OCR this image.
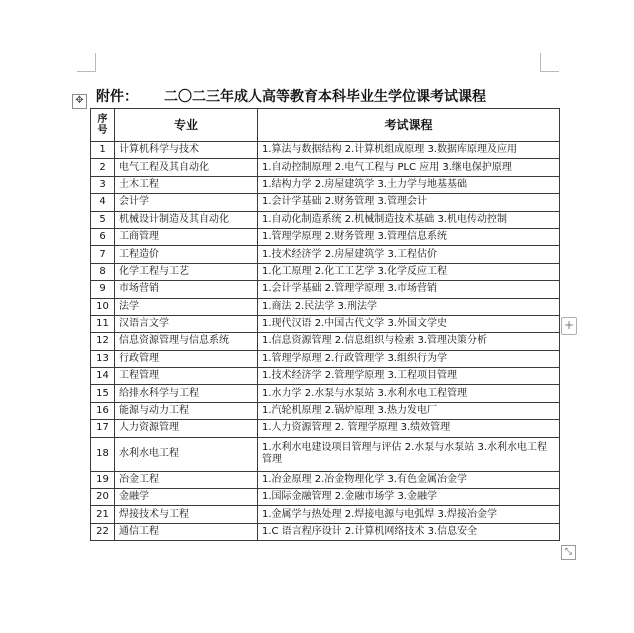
✥ 附件： 二〇二三年成人高等教育本科毕业生学位课考试课程
序号	专业	考试课程
1	计算机科学与技术	1.算法与数据结构 2.计算机组成原理 3.数据库原理及应用
2	电气工程及其自动化	1.自动控制原理 2.电气工程与 PLC 应用 3.继电保护原理
3	土木工程	1.结构力学 2.房屋建筑学 3.土力学与地基基础
4	会计学	1.会计学基础 2.财务管理 3.管理会计
5	机械设计制造及其自动化	1.自动化制造系统 2.机械制造技术基础 3.机电传动控制
6	工商管理	1.管理学原理 2.财务管理 3.管理信息系统
7	工程造价	1.技术经济学 2.房屋建筑学 3.工程估价
8	化学工程与工艺	1.化工原理 2.化工工艺学 3.化学反应工程
9	市场营销	1.会计学基础 2.管理学原理 3.市场营销
10	法学	1.商法 2.民法学 3.刑法学
11	汉语言文学	1.现代汉语 2.中国古代文学 3.外国文学史
12	信息资源管理与信息系统	1.信息资源管理 2.信息组织与检索 3.管理决策分析
13	行政管理	1.管理学原理 2.行政管理学 3.组织行为学
14	工程管理	1.技术经济学 2.管理学原理 3.工程项目管理
15	给排水科学与工程	1.水力学 2.水泵与水泵站 3.水利水电工程管理
16	能源与动力工程	1.汽轮机原理 2.锅炉原理 3.热力发电厂
17	人力资源管理	1.人力资源管理 2. 管理学原理 3.绩效管理
18	水利水电工程	1.水利水电建设项目管理与评估 2.水泵与水泵站 3.水利水电工程管理
19	冶金工程	1.冶金原理 2.冶金物理化学 3.有色金属冶金学
20	金融学	1.国际金融管理 2.金融市场学 3.金融学
21	焊接技术与工程	1.金属学与热处理 2.焊接电源与电弧焊 3.焊接冶金学
22	通信工程	1.C 语言程序设计 2.计算机网络技术 3.信息安全
+
⤡
